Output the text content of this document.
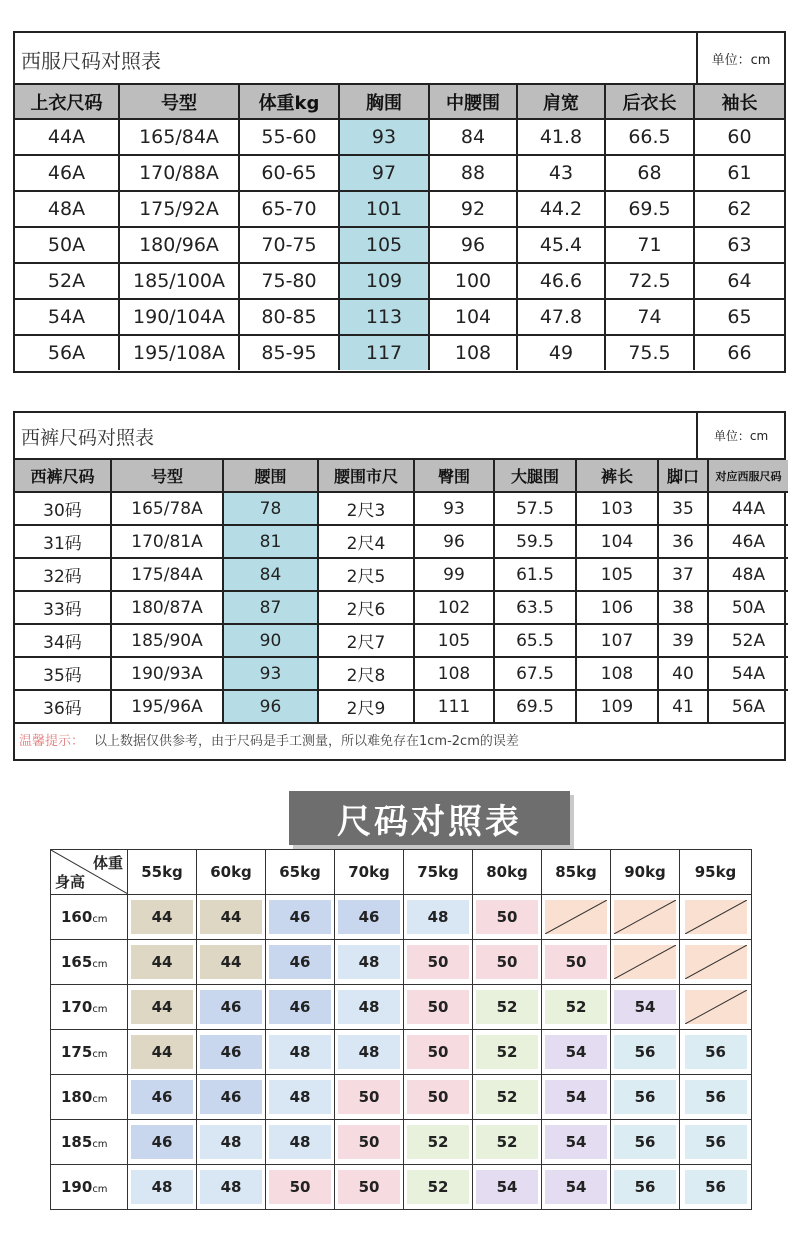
西服尺码对照表	单位：cm
上衣尺码	号型	体重kg	胸围	中腰围	肩宽	后衣长	袖长
44A	165/84A	55-60	93	84	41.8	66.5	60
46A	170/88A	60-65	97	88	43	68	61
48A	175/92A	65-70	101	92	44.2	69.5	62
50A	180/96A	70-75	105	96	45.4	71	63
52A	185/100A	75-80	109	100	46.6	72.5	64
54A	190/104A	80-85	113	104	47.8	74	65
56A	195/108A	85-95	117	108	49	75.5	66
西裤尺码对照表	单位：cm
西裤尺码	号型	腰围	腰围市尺	臀围	大腿围	裤长	脚口	对应西服尺码
30码	165/78A	78	2尺3	93	57.5	103	35	44A
31码	170/81A	81	2尺4	96	59.5	104	36	46A
32码	175/84A	84	2尺5	99	61.5	105	37	48A
33码	180/87A	87	2尺6	102	63.5	106	38	50A
34码	185/90A	90	2尺7	105	65.5	107	39	52A
35码	190/93A	93	2尺8	108	67.5	108	40	54A
36码	195/96A	96	2尺9	111	69.5	109	41	56A
温馨提示： 以上数据仅供参考，由于尺码是手工测量，所以难免存在1cm-2cm的误差
尺码对照表
体重
身高	55kg	60kg	65kg	70kg	75kg	80kg	85kg	90kg	95kg
160cm	44	44	46	46	48	50

165cm	44	44	46	48	50	50	50

170cm	44	46	46	48	50	52	52	54

175cm	44	46	48	48	50	52	54	56	56

180cm	46	46	48	50	50	52	54	56	56

185cm	46	48	48	50	52	52	54	56	56

190cm	48	48	50	50	52	54	54	56	56
